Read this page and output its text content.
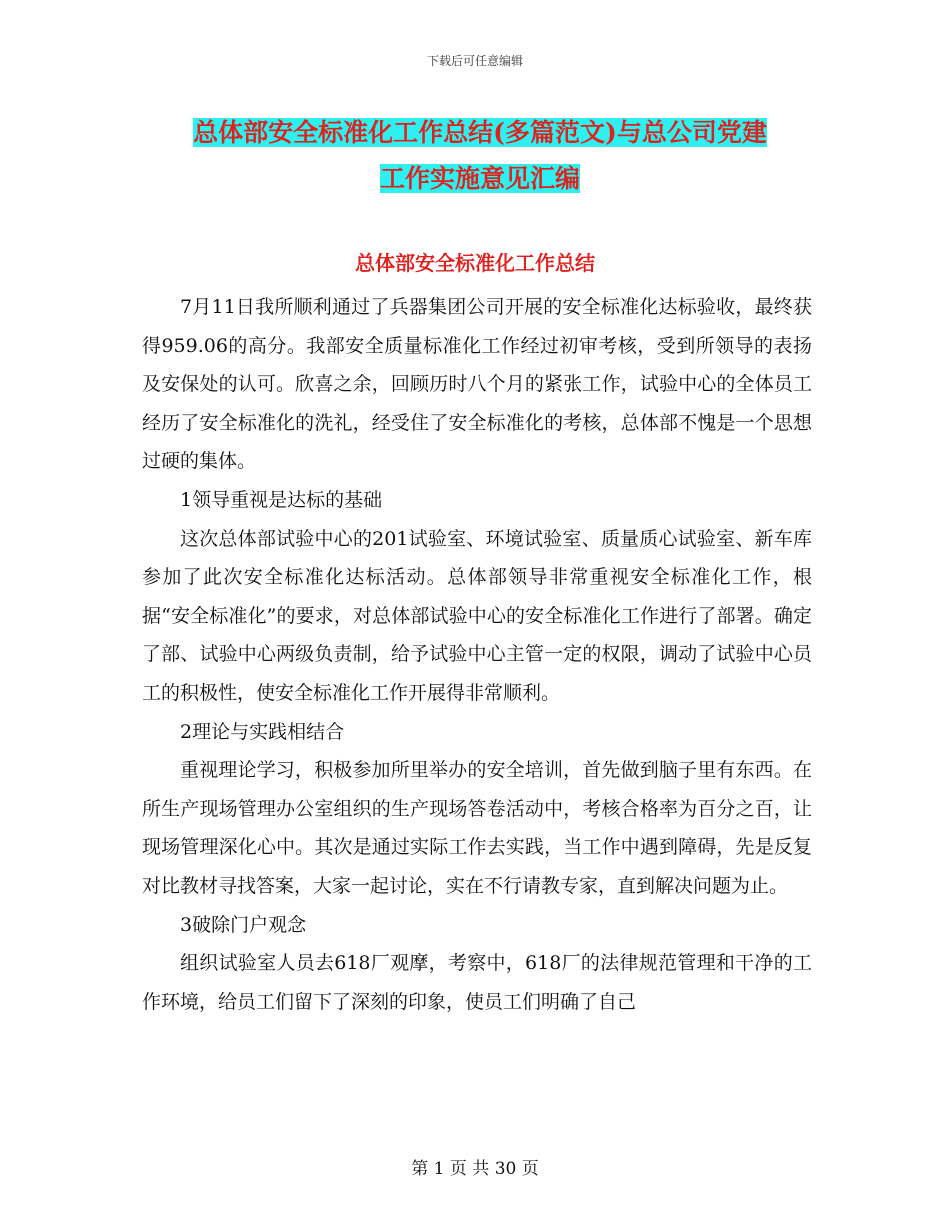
下载后可任意编辑
总体部安全标准化工作总结(多篇范文)与总公司党建
工作实施意见汇编
总体部安全标准化工作总结

7月11日我所顺利通过了兵器集团公司开展的安全标准化达标验收，最终获得959.06的高分。我部安全质量标准化工作经过初审考核，受到所领导的表扬及安保处的认可。欣喜之余，回顾历时八个月的紧张工作，试验中心的全体员工经历了安全标准化的洗礼，经受住了安全标准化的考核，总体部不愧是一个思想过硬的集体。

1领导重视是达标的基础

这次总体部试验中心的201试验室、环境试验室、质量质心试验室、新车库参加了此次安全标准化达标活动。总体部领导非常重视安全标准化工作，根据“安全标准化”的要求，对总体部试验中心的安全标准化工作进行了部署。确定了部、试验中心两级负责制，给予试验中心主管一定的权限，调动了试验中心员工的积极性，使安全标准化工作开展得非常顺利。

2理论与实践相结合

重视理论学习，积极参加所里举办的安全培训，首先做到脑子里有东西。在所生产现场管理办公室组织的生产现场答卷活动中，考核合格率为百分之百，让现场管理深化心中。其次是通过实际工作去实践，当工作中遇到障碍，先是反复对比教材寻找答案，大家一起讨论，实在不行请教专家，直到解决问题为止。

3破除门户观念

组织试验室人员去618厂观摩，考察中，618厂的法律规范管理和干净的工作环境，给员工们留下了深刻的印象，使员工们明确了自己

第 1 页 共 30 页
